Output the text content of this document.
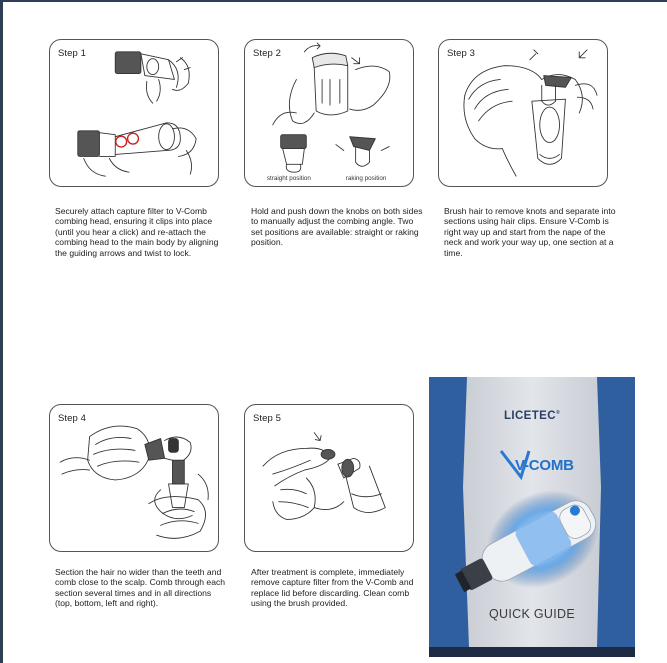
Step 1
Securely attach capture filter to V-Comb combing head, ensuring it clips into place (until you hear a click) and re-attach the combing head to the main body by aligning the guiding arrows and twist to lock.
Step 2
straight position	raking position
Hold and push down the knobs on both sides to manually adjust the combing angle. Two set positions are available: straight or raking position.
Step 3
Brush hair to remove knots and separate into sections using hair clips. Ensure V-Comb is right way up and start from the nape of the neck and work your way up, one section at a time.
Step 4
Section the hair no wider than the teeth and comb close to the scalp. Comb through each section several times and in all directions (top, bottom, left and right).
Step 5
After treatment is complete, immediately remove capture filter from the V-Comb and replace lid before discarding. Clean comb using the brush provided.
LICETEC®
V-COMB
QUICK GUIDE
